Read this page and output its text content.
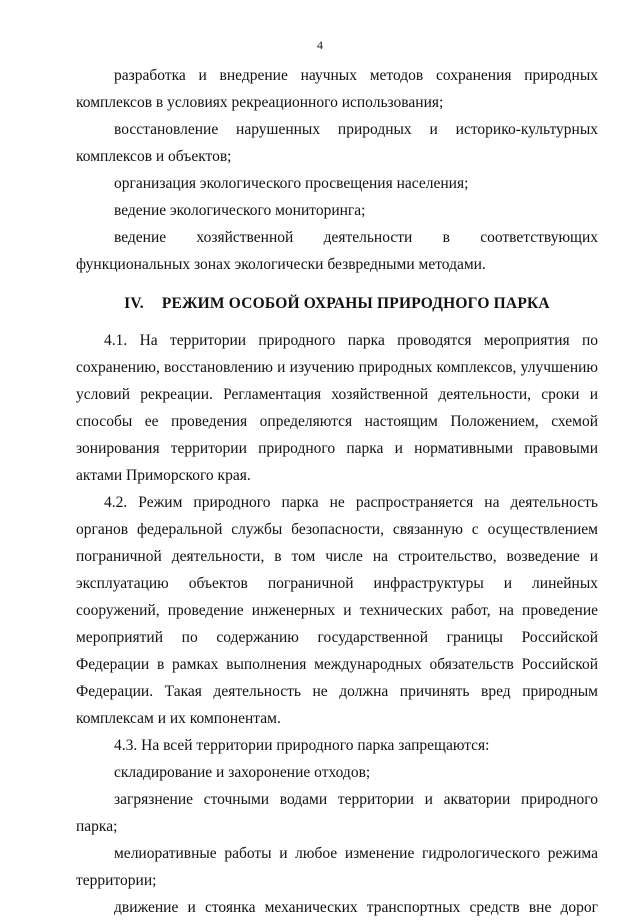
4

разработка и внедрение научных методов сохранения природных комплексов в условиях рекреационного использования;

восстановление нарушенных природных и историко-культурных комплексов и объектов;

организация экологического просвещения населения;

ведение экологического мониторинга;

ведение хозяйственной деятельности в соответствующих функциональных зонах экологически безвредными методами.

IV. РЕЖИМ ОСОБОЙ ОХРАНЫ ПРИРОДНОГО ПАРКА

4.1. На территории природного парка проводятся мероприятия по сохранению, восстановлению и изучению природных комплексов, улучшению условий рекреации. Регламентация хозяйственной деятельности, сроки и способы ее проведения определяются настоящим Положением, схемой зонирования территории природного парка и нормативными правовыми актами Приморского края.

4.2. Режим природного парка не распространяется на деятельность органов федеральной службы безопасности, связанную с осуществлением пограничной деятельности, в том числе на строительство, возведение и эксплуатацию объектов пограничной инфраструктуры и линейных сооружений, проведение инженерных и технических работ, на проведение мероприятий по содержанию государственной границы Российской Федерации в рамках выполнения международных обязательств Российской Федерации. Такая деятельность не должна причинять вред природным комплексам и их компонентам.

4.3. На всей территории природного парка запрещаются:

складирование и захоронение отходов;

загрязнение сточными водами территории и акватории природного парка;

мелиоративные работы и любое изменение гидрологического режима территории;

движение и стоянка механических транспортных средств вне дорог
